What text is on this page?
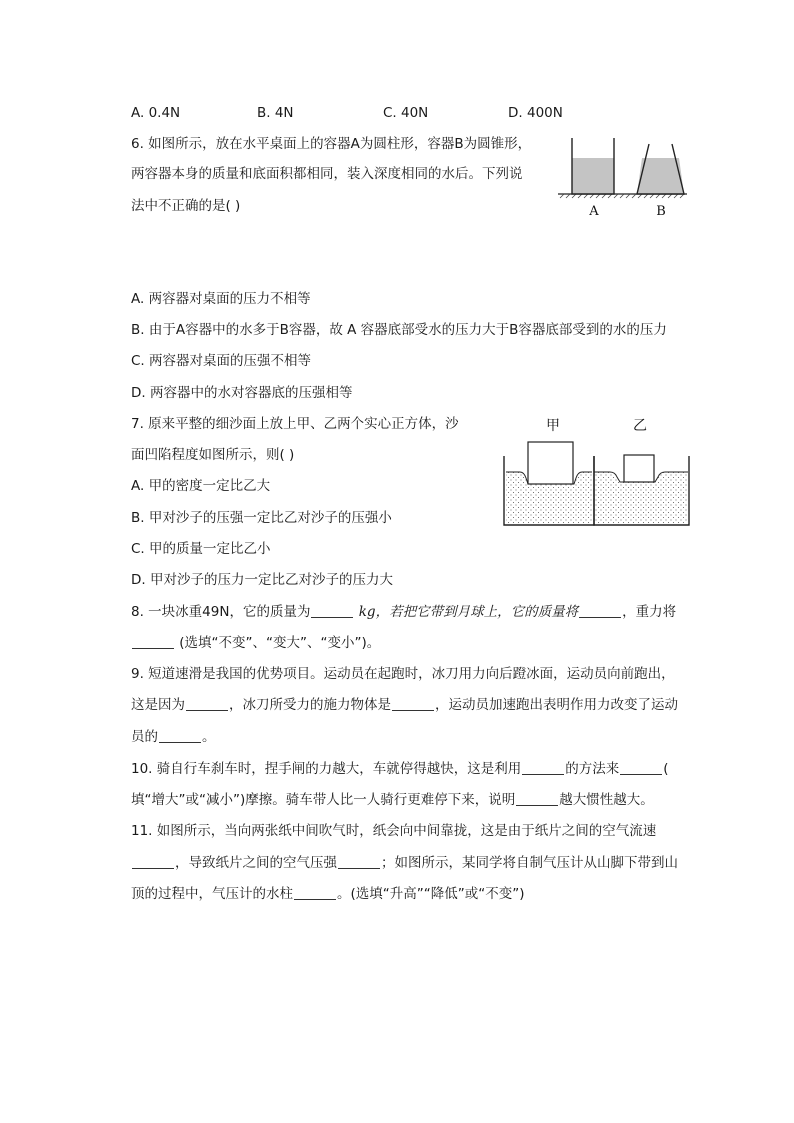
A. 0.4N	B. 4N	C. 40N	D. 400N
6. 如图所示，放在水平桌面上的容器A为圆柱形，容器B为圆锥形，
两容器本身的质量和底面积都相同，装入深度相同的水后。下列说
法中不正确的是( )	A	B
A. 两容器对桌面的压力不相等
B. 由于A容器中的水多于B容器，故 A 容器底部受水的压力大于B容器底部受到的水的压力
C. 两容器对桌面的压强不相等
D. 两容器中的水对容器底的压强相等
7. 原来平整的细沙面上放上甲、乙两个实心正方体，沙
面凹陷程度如图所示，则( )
甲	乙
A. 甲的密度一定比乙大
B. 甲对沙子的压强一定比乙对沙子的压强小
C. 甲的质量一定比乙小
D. 甲对沙子的压力一定比乙对沙子的压力大
8. 一块冰重49N，它的质量为	kg，若把它带到月球上，它的质量将	，重力将
(选填“不变”、“变大”、“变小”)。
9. 短道速滑是我国的优势项目。运动员在起跑时，冰刀用力向后蹬冰面，运动员向前跑出，
这是因为	，冰刀所受力的施力物体是	，运动员加速跑出表明作用力改变了运动
员的	。
10. 骑自行车刹车时，捏手闸的力越大，车就停得越快，这是利用	的方法来	(
填“增大”或“减小”)摩擦。骑车带人比一人骑行更难停下来，说明	越大惯性越大。
11. 如图所示，当向两张纸中间吹气时，纸会向中间靠拢，这是由于纸片之间的空气流速
，导致纸片之间的空气压强	；如图所示，某同学将自制气压计从山脚下带到山
顶的过程中，气压计的水柱	。(选填“升高”“降低”或“不变”)
